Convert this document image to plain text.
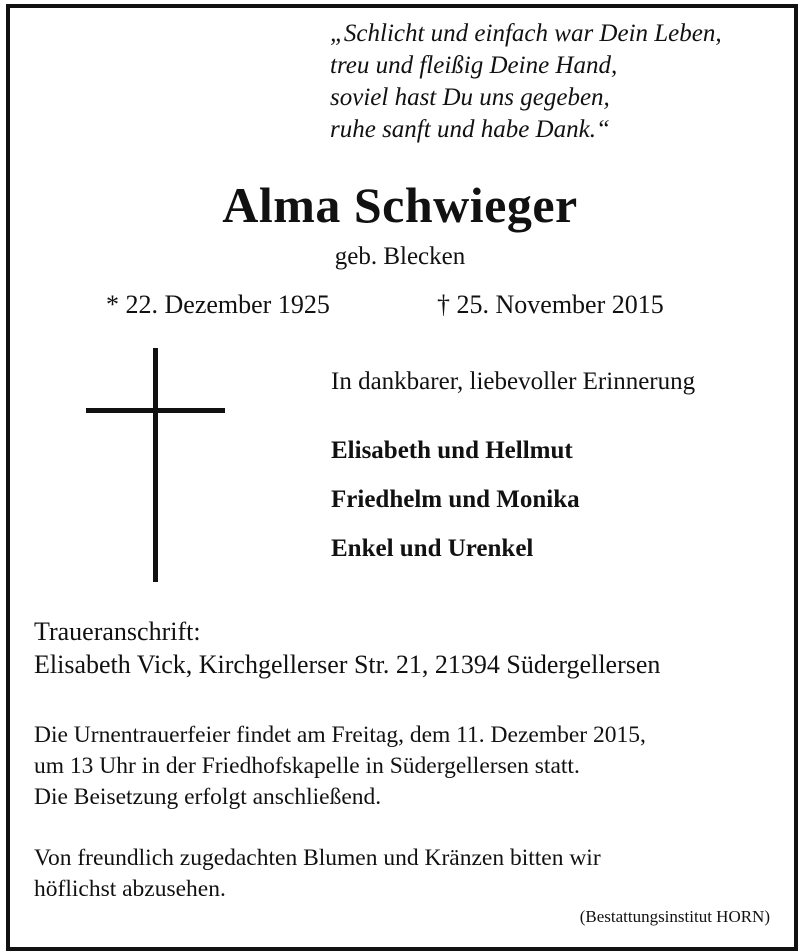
„Schlicht und einfach war Dein Leben,
treu und fleißig Deine Hand,
soviel hast Du uns gegeben,
ruhe sanft und habe Dank.“
Alma Schwieger
geb. Blecken
* 22. Dezember 1925	† 25. November 2015
In dankbarer, liebevoller Erinnerung
Elisabeth und Hellmut
Friedhelm und Monika
Enkel und Urenkel
Traueranschrift:
Elisabeth Vick, Kirchgellerser Str. 21, 21394 Südergellersen
Die Urnentrauerfeier findet am Freitag, dem 11. Dezember 2015,
um 13 Uhr in der Friedhofskapelle in Südergellersen statt.
Die Beisetzung erfolgt anschließend.
Von freundlich zugedachten Blumen und Kränzen bitten wir
höflichst abzusehen.
(Bestattungsinstitut HORN)
